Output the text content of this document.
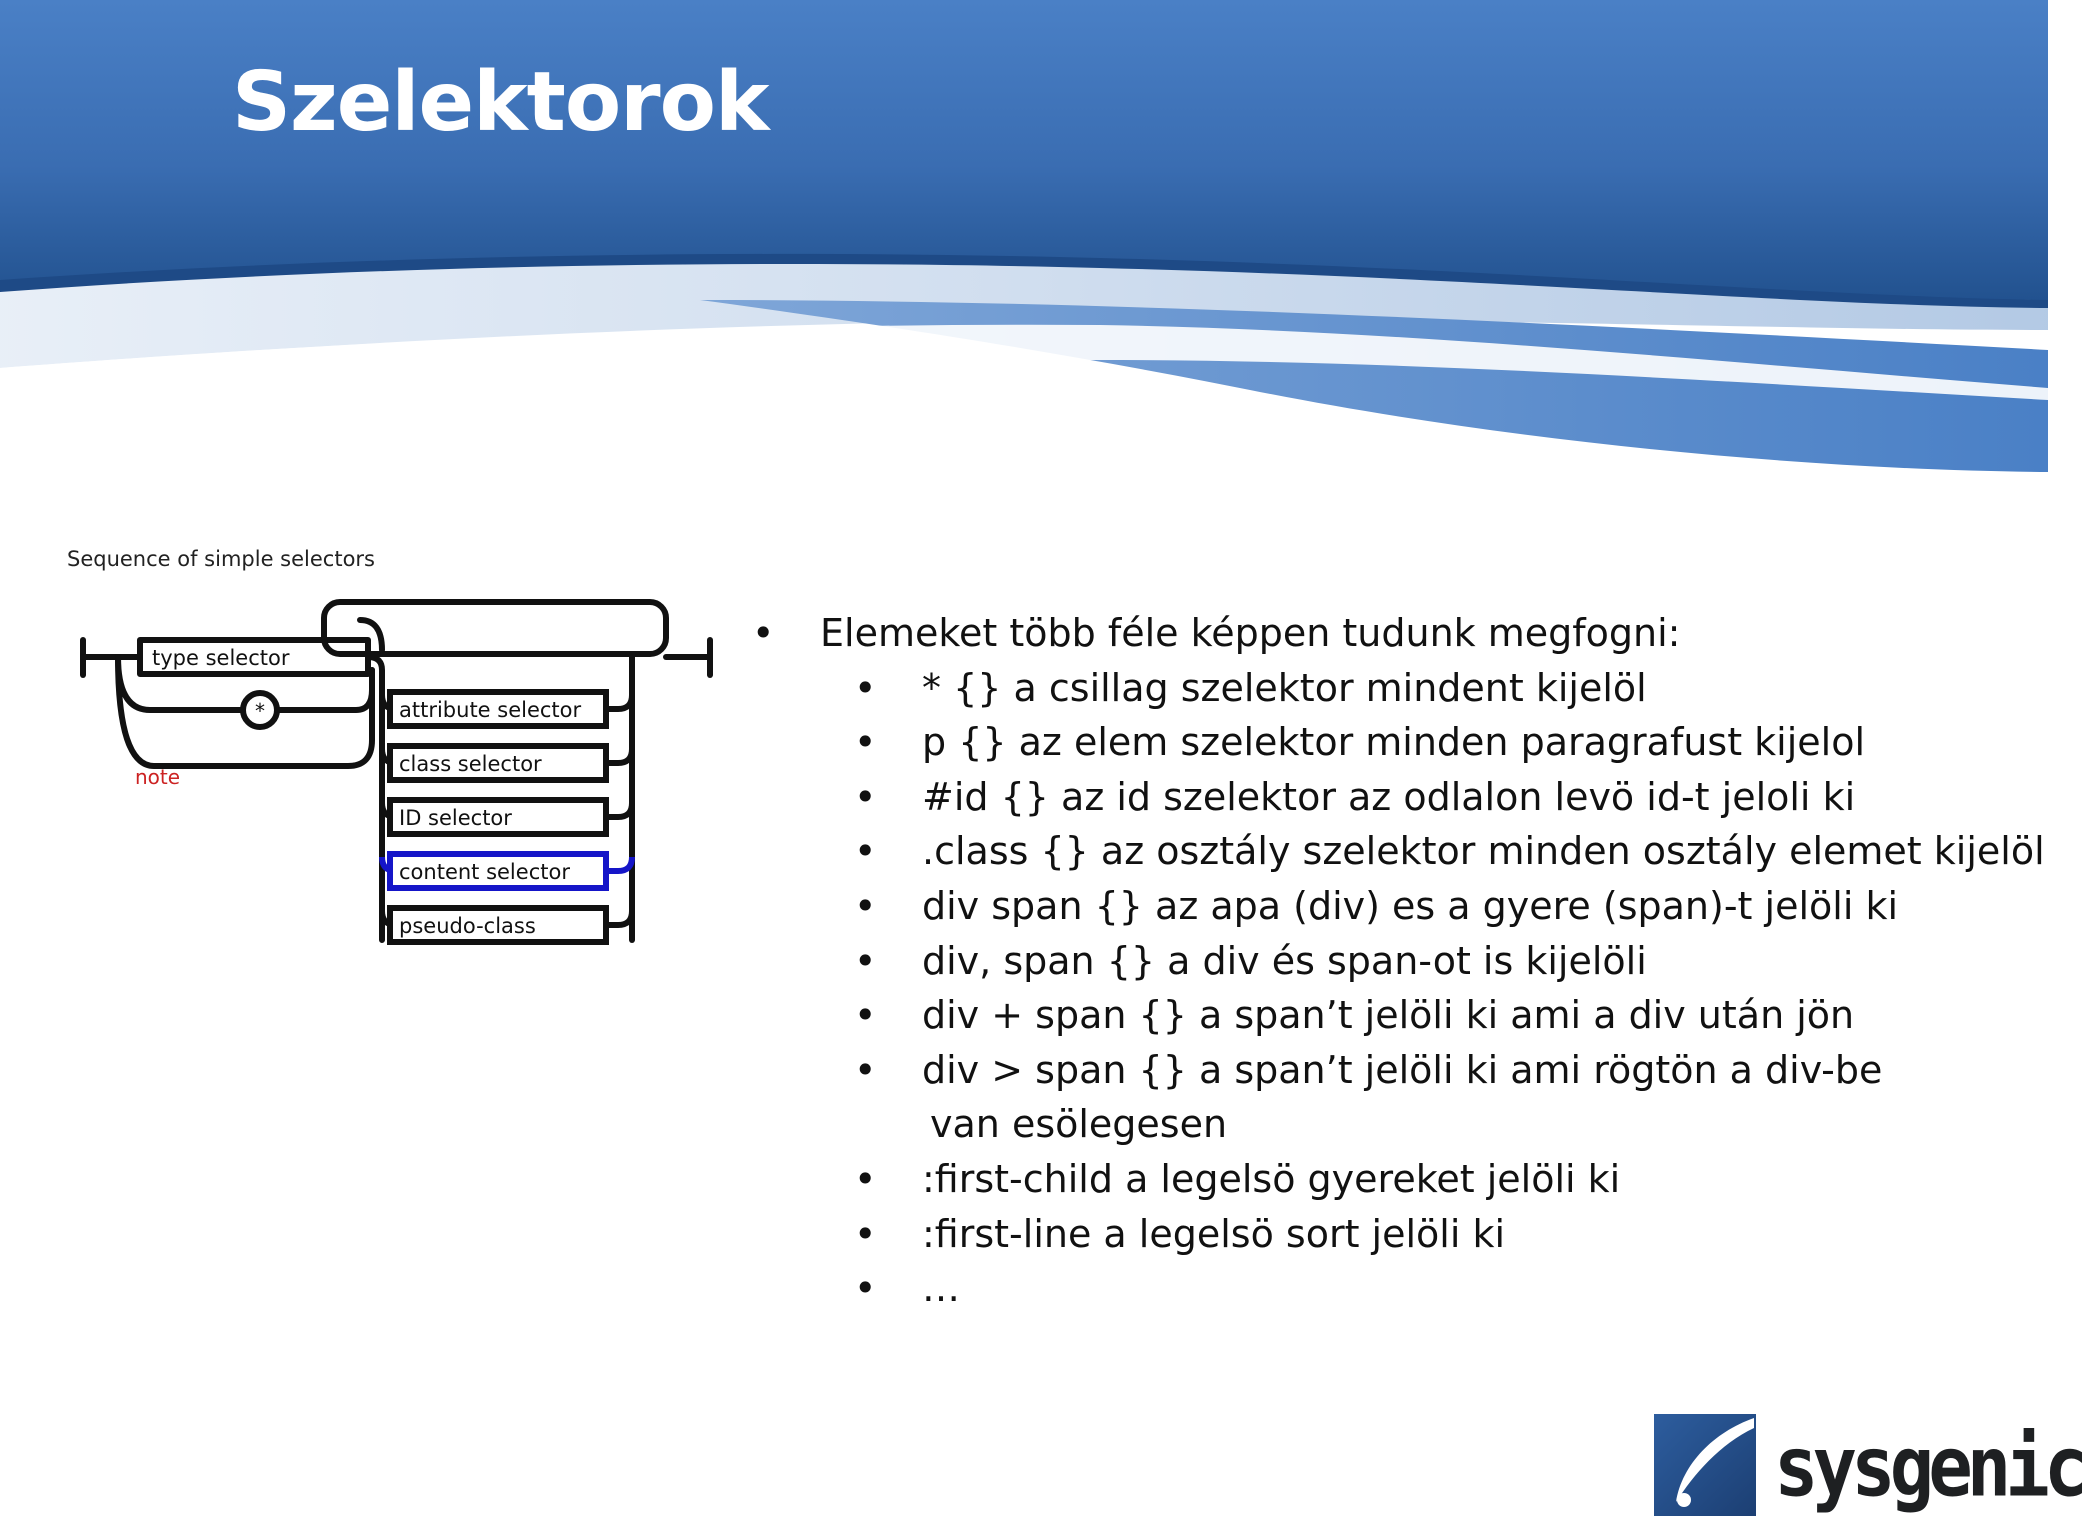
Szelektorok
Sequence of simple selectors
type selector
*
note
attribute selector
class selector
ID selector
content selector
pseudo-class
• Elemeket több féle képpen tudunk megfogni:
• * {} a csillag szelektor mindent kijelöl
• p {} az elem szelektor minden paragrafust kijelol
• #id {} az id szelektor az odlalon levö id-t jeloli ki
• .class {} az osztály szelektor minden osztály elemet kijelöl
• div span {} az apa (div) es a gyere (span)-t jelöli ki
• div, span {} a div és span-ot is kijelöli
• div + span {} a span’t jelöli ki ami a div után jön
• div > span {} a span’t jelöli ki ami rögtön a div-be
van esölegesen
• :first-child a legelsö gyereket jelöli ki
• :first-line a legelsö sort jelöli ki
• …
sysgenic
